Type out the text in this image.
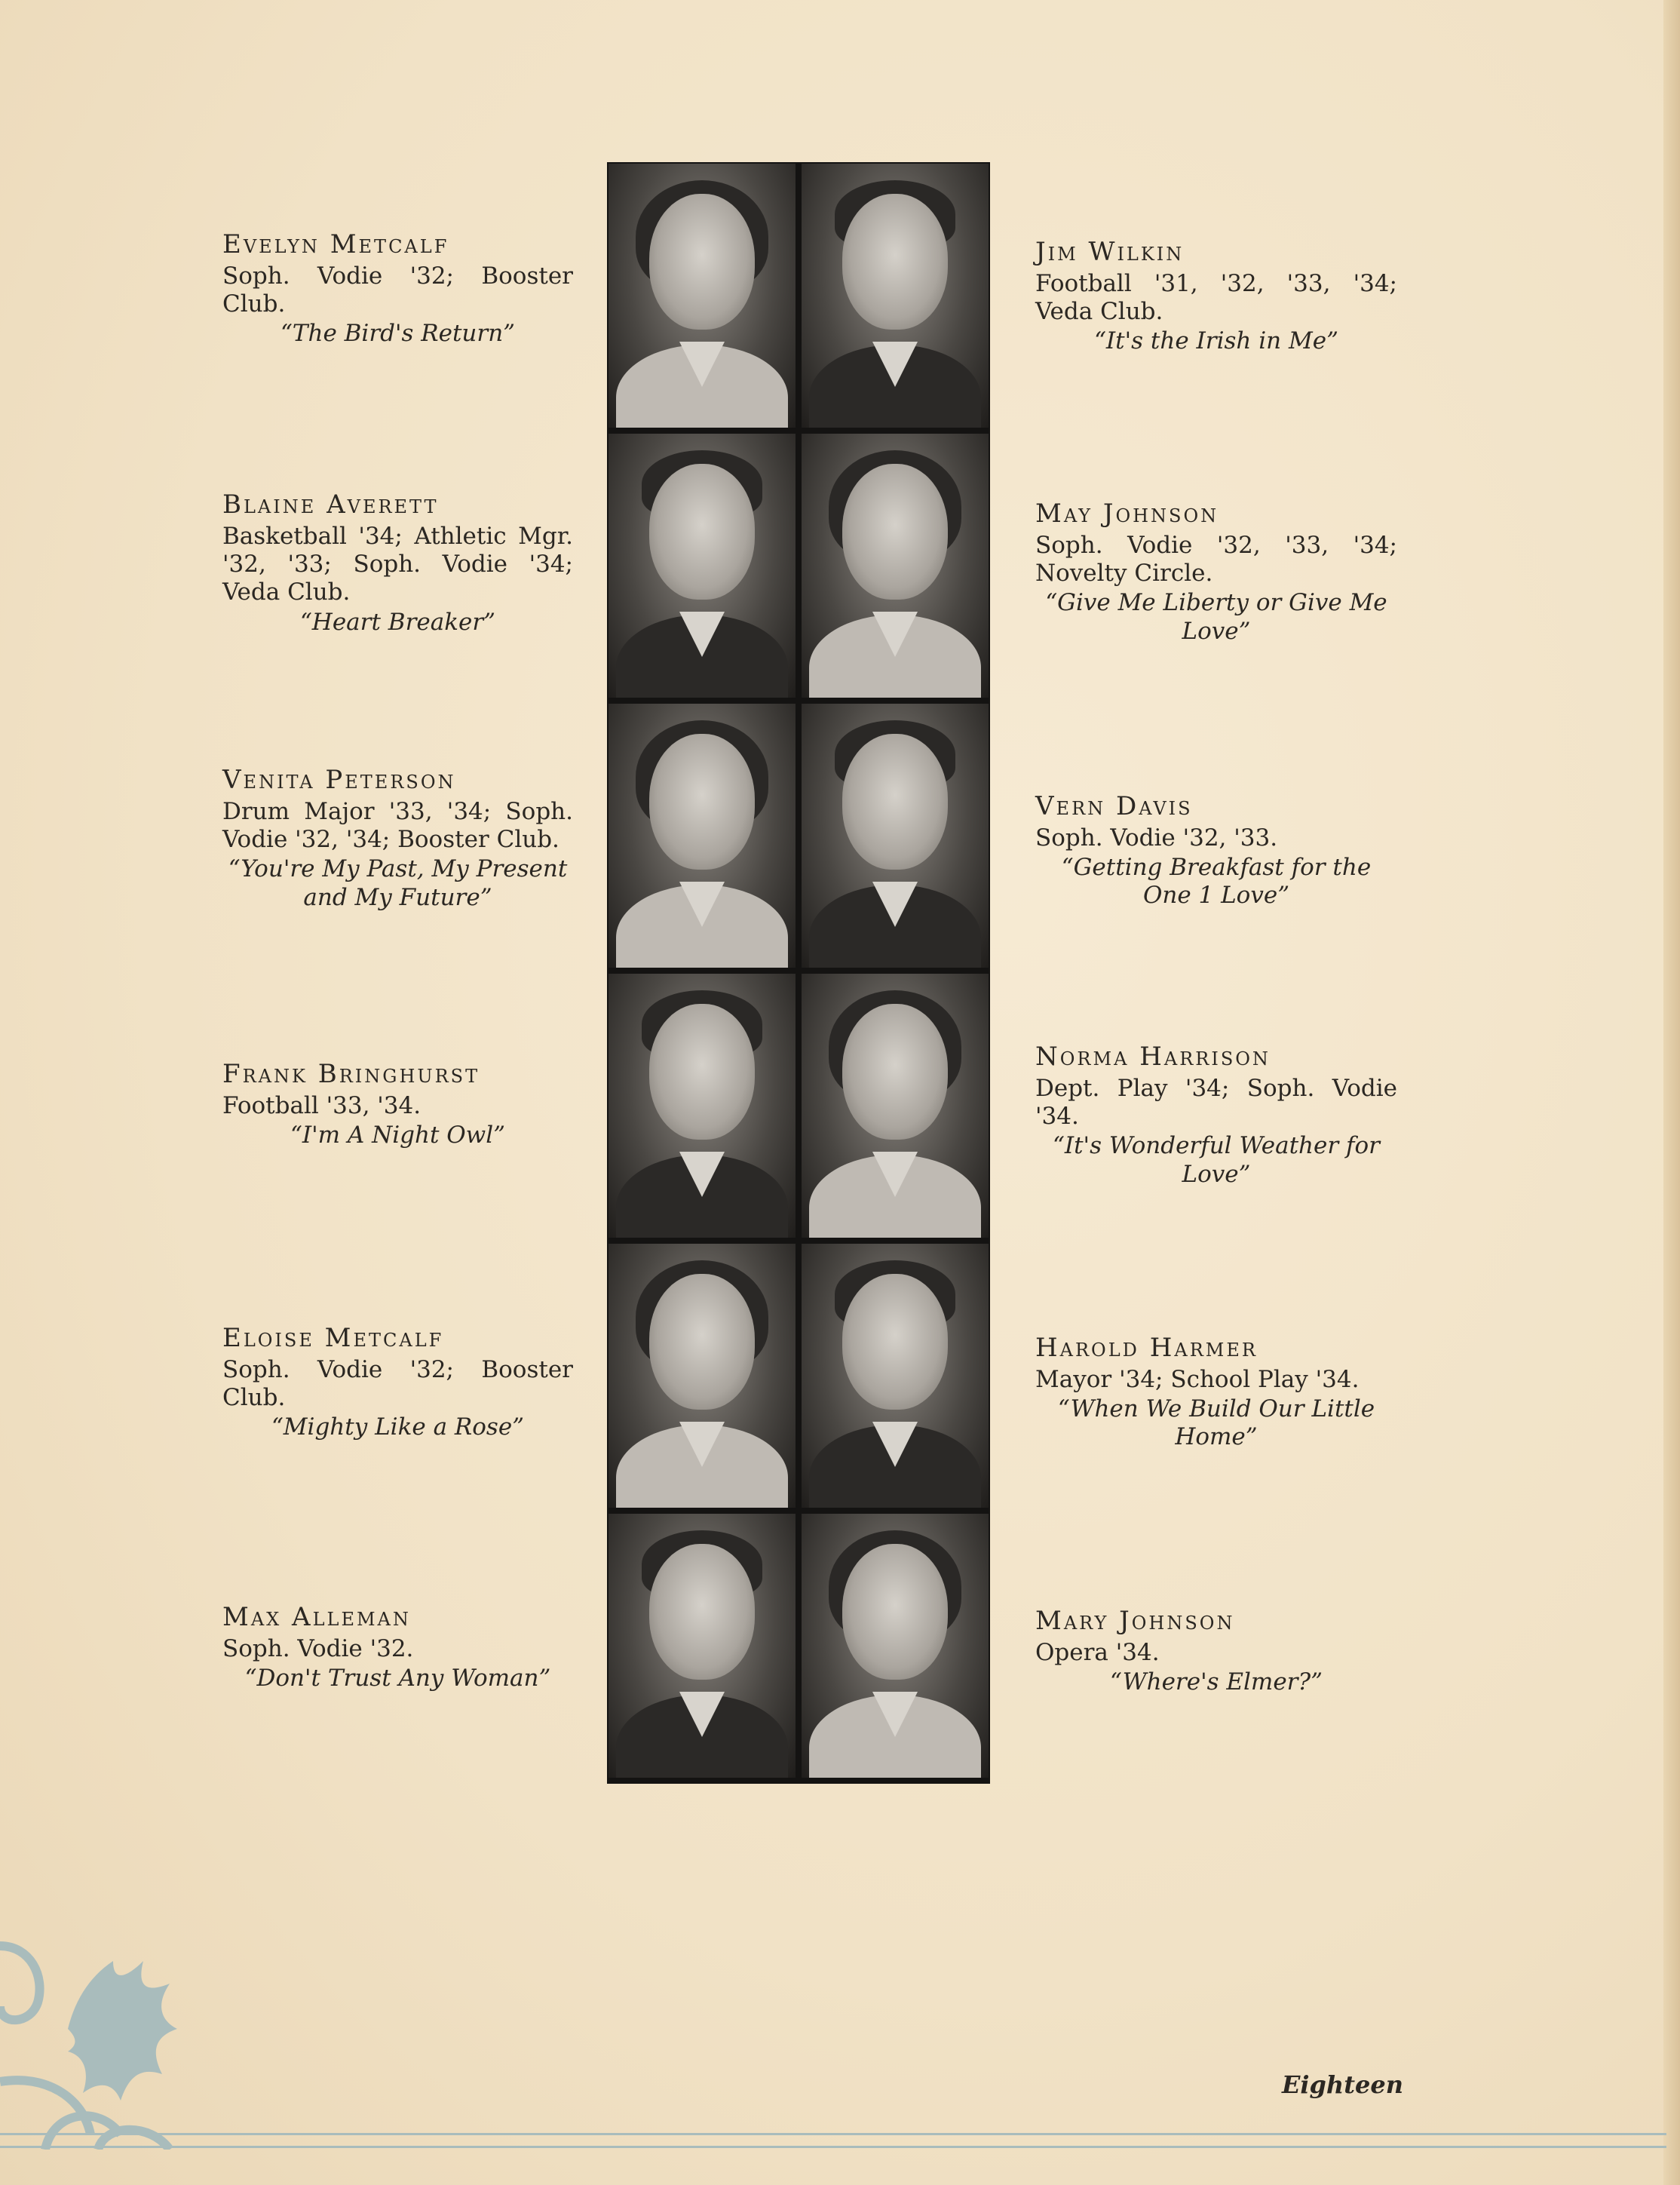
Evelyn Metcalf
Soph. Vodie '32; Booster Club.
“The Bird's Return”
Blaine Averett
Basketball '34; Athletic Mgr. '32, '33; Soph. Vodie '34; Veda Club.
“Heart Breaker”
Venita Peterson
Drum Major '33, '34; Soph. Vodie '32, '34; Booster Club.
“You're My Past, My Present and My Future”
Frank Bringhurst
Football '33, '34.
“I'm A Night Owl”
Eloise Metcalf
Soph. Vodie '32; Booster Club.
“Mighty Like a Rose”
Max Alleman
Soph. Vodie '32.
“Don't Trust Any Woman”
Jim Wilkin
Football '31, '32, '33, '34; Veda Club.
“It's the Irish in Me”
May Johnson
Soph. Vodie '32, '33, '34; Novelty Circle.
“Give Me Liberty or Give Me Love”
Vern Davis
Soph. Vodie '32, '33.
“Getting Breakfast for the One 1 Love”
Norma Harrison
Dept. Play '34; Soph. Vodie '34.
“It's Wonderful Weather for Love”
Harold Harmer
Mayor '34; School Play '34.
“When We Build Our Little Home”
Mary Johnson
Opera '34.
“Where's Elmer?”
Eighteen
